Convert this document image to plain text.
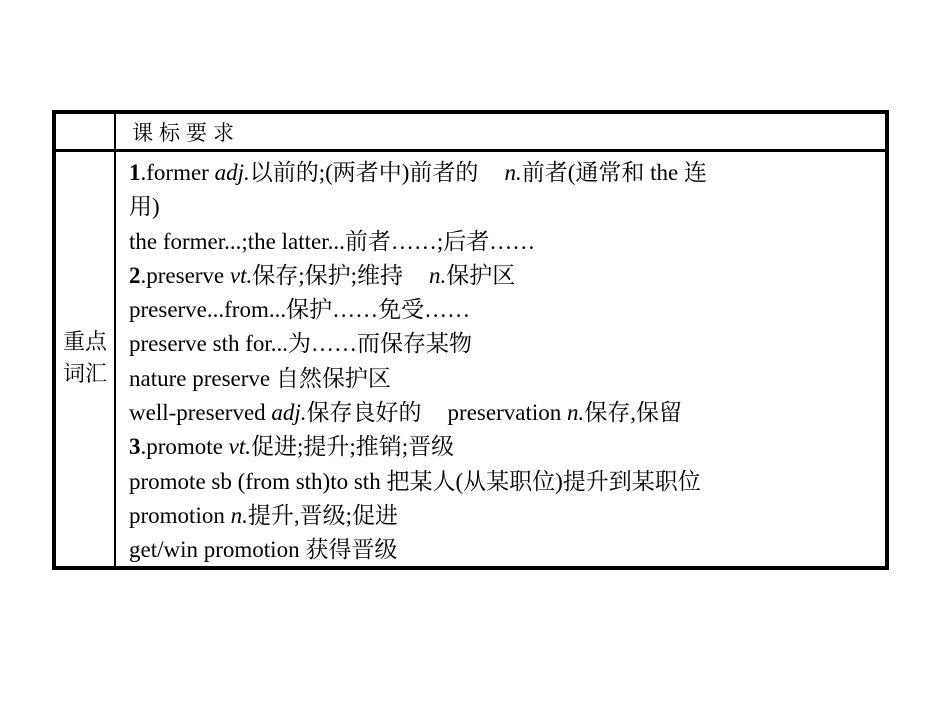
课标要求
重点
词汇
1.former adj.以前的;(两者中)前者的 n.前者(通常和 the 连
用)
the former...;the latter...前者……;后者……
2.preserve vt.保存;保护;维持 n.保护区
preserve...from...保护……免受……
preserve sth for...为……而保存某物
nature preserve 自然保护区
well-preserved adj.保存良好的 preservation n.保存,保留
3.promote vt.促进;提升;推销;晋级
promote sb (from sth)to sth 把某人(从某职位)提升到某职位
promotion n.提升,晋级;促进
get/win promotion 获得晋级
